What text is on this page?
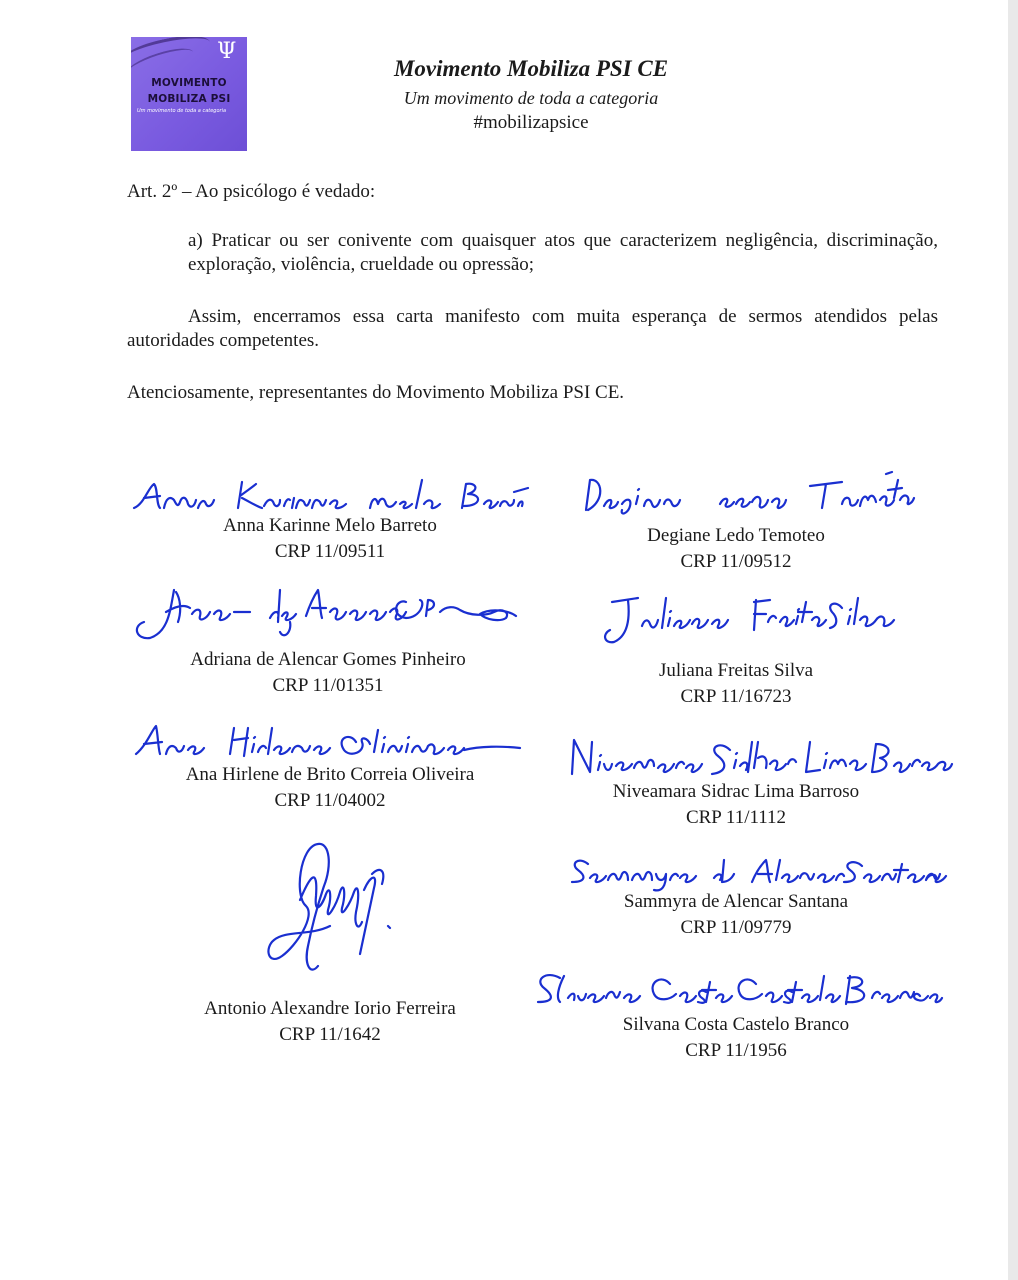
Ψ
MOVIMENTO
MOBILIZA PSI
Um movimento de toda a categoria
Movimento Mobiliza PSI CE
Um movimento de toda a categoria
#mobilizapsice
Art. 2º – Ao psicólogo é vedado:
a) Praticar ou ser conivente com quaisquer atos que caracterizem negligência, discriminação, exploração, violência, crueldade ou opressão;
Assim, encerramos essa carta manifesto com muita esperança de sermos atendidos pelas autoridades competentes.
Atenciosamente, representantes do Movimento Mobiliza PSI CE.
Anna Karinne Melo Barreto
CRP 11/09511
Degiane Ledo Temoteo
CRP 11/09512
Adriana de Alencar Gomes Pinheiro
CRP 11/01351
Juliana Freitas Silva
CRP 11/16723
Ana Hirlene de Brito Correia Oliveira
CRP 11/04002	Niveamara Sidrac Lima Barroso
CRP 11/1112
Antonio Alexandre Iorio Ferreira
CRP 11/1642
Sammyra de Alencar Santana
CRP 11/09779
Silvana Costa Castelo Branco
CRP 11/1956
